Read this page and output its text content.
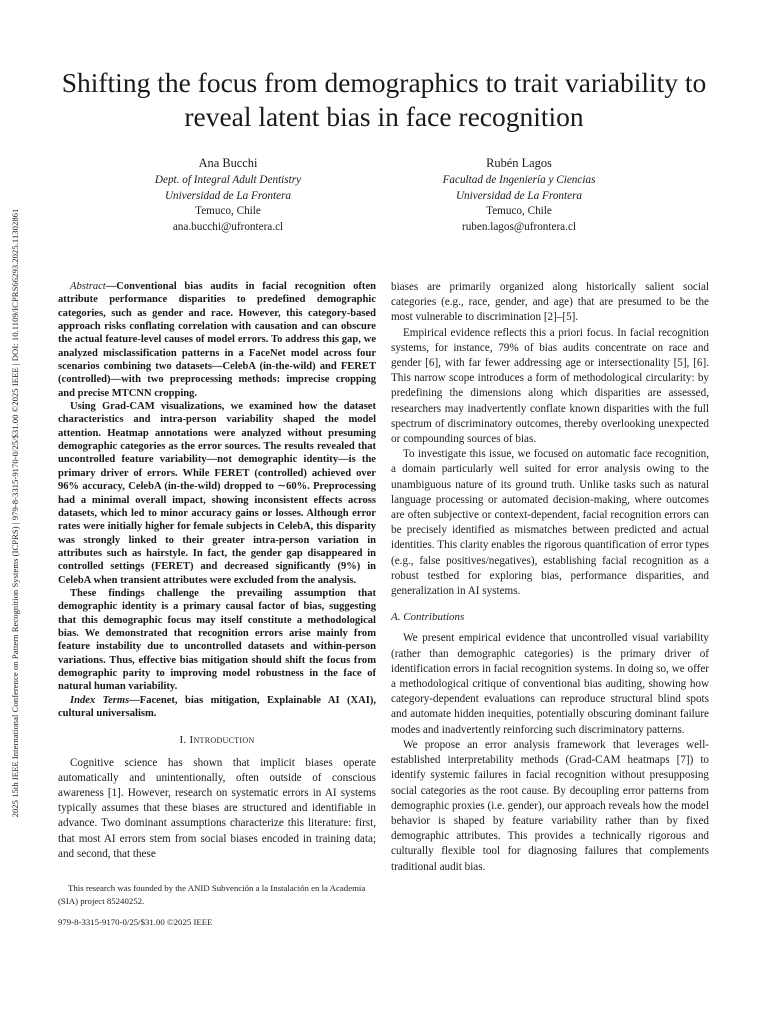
2025 15th IEEE International Conference on Pattern Recognition Systems (ICPRS) | 979-8-3315-9170-0/25/$31.00 ©2025 IEEE | DOI: 10.1109/ICPRS66293.2025.11302861
Shifting the focus from demographics to trait variability to reveal latent bias in face recognition
Ana Bucchi
Dept. of Integral Adult Dentistry
Universidad de La Frontera
Temuco, Chile
ana.bucchi@ufrontera.cl
Rubén Lagos
Facultad de Ingeniería y Ciencias
Universidad de La Frontera
Temuco, Chile
ruben.lagos@ufrontera.cl

Abstract—Conventional bias audits in facial recognition often attribute performance disparities to predefined demographic categories, such as gender and race. However, this category-based approach risks conflating correlation with causation and can obscure the actual feature-level causes of model errors. To address this gap, we analyzed misclassification patterns in a FaceNet model across four scenarios combining two datasets—CelebA (in-the-wild) and FERET (controlled)—with two preprocessing methods: imprecise cropping and precise MTCNN cropping.

Using Grad-CAM visualizations, we examined how the dataset characteristics and intra-person variability shaped the model attention. Heatmap annotations were analyzed without presuming demographic categories as the error sources. The results revealed that uncontrolled feature variability—not demographic identity—is the primary driver of errors. While FERET (controlled) achieved over 96% accuracy, CelebA (in-the-wild) dropped to ∼60%. Preprocessing had a minimal overall impact, showing inconsistent effects across datasets, which led to minor accuracy gains or losses. Although error rates were initially higher for female subjects in CelebA, this disparity was strongly linked to their greater intra-person variation in attributes such as hairstyle. In fact, the gender gap disappeared in controlled settings (FERET) and decreased significantly (9%) in CelebA when transient attributes were excluded from the analysis.

These findings challenge the prevailing assumption that demographic identity is a primary causal factor of bias, suggesting that this demographic focus may itself constitute a methodological bias. We demonstrated that recognition errors arise mainly from feature instability due to uncontrolled datasets and within-person variations. Thus, effective bias mitigation should shift the focus from demographic parity to improving model robustness in the face of natural human variability.

Index Terms—Facenet, bias mitigation, Explainable AI (XAI), cultural universalism.

I. Introduction

Cognitive science has shown that implicit biases operate automatically and unintentionally, often outside of conscious awareness [1]. However, research on systematic errors in AI systems typically assumes that these biases are structured and identifiable in advance. Two dominant assumptions characterize this literature: first, that most AI errors stem from social biases encoded in training data; and second, that these

biases are primarily organized along historically salient social categories (e.g., race, gender, and age) that are presumed to be the most vulnerable to discrimination [2]–[5].

Empirical evidence reflects this a priori focus. In facial recognition systems, for instance, 79% of bias audits concentrate on race and gender [6], with far fewer addressing age or intersectionality [5], [6]. This narrow scope introduces a form of methodological circularity: by predefining the dimensions along which disparities are assessed, researchers may inadvertently conflate known disparities with the full spectrum of discriminatory outcomes, thereby overlooking unexpected or compounding sources of bias.

To investigate this issue, we focused on automatic face recognition, a domain particularly well suited for error analysis owing to the unambiguous nature of its ground truth. Unlike tasks such as natural language processing or automated decision-making, where outcomes are often subjective or context-dependent, facial recognition errors can be precisely identified as mismatches between predicted and actual identities. This clarity enables the rigorous quantification of error types (e.g., false positives/negatives), establishing facial recognition as a robust testbed for exploring bias, performance disparities, and generalization in AI systems.

A. Contributions

We present empirical evidence that uncontrolled visual variability (rather than demographic categories) is the primary driver of identification errors in facial recognition systems. In doing so, we offer a methodological critique of conventional bias auditing, showing how category-dependent evaluations can reproduce structural blind spots and automate hidden inequities, potentially obscuring dominant failure modes and inadvertently reinforcing such discriminatory patterns.

We propose an error analysis framework that leverages well-established interpretability methods (Grad-CAM heatmaps [7]) to identify systemic failures in facial recognition without presupposing social categories as the root cause. By decoupling error patterns from demographic proxies (i.e. gender), our approach reveals how the model behavior is shaped by feature variability rather than by fixed demographic attributes. This provides a technically rigorous and culturally flexible tool for diagnosing failures that complements traditional audit bias.

This research was founded by the ANID Subvención a la Instalación en la Academia (SIA) project 85240252.

979-8-3315-9170-0/25/$31.00 ©2025 IEEE
